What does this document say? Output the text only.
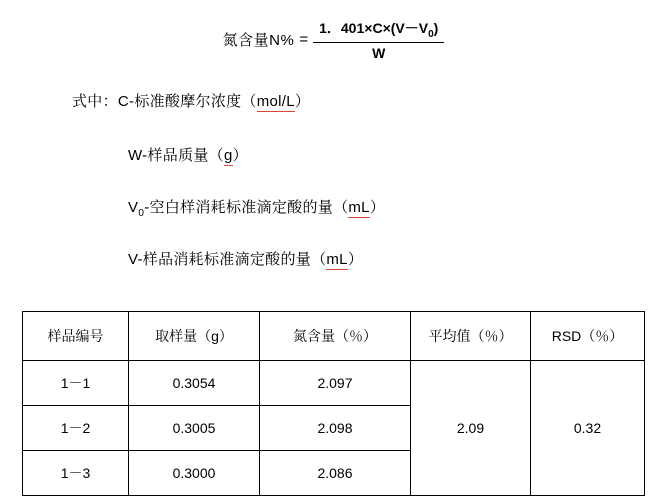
氮含量$N\% = \frac{1.401\times C\times(V-V_0)}{W}$
式中：C-标准酸摩尔浓度（mol/L）
W-样品质量（g）
$V_0-$空白样消耗标准滴定酸的量（mL）
V-样品消耗标准滴定酸的量（mL）
样品编号	取样量（g）	氮含量（％）	平均值（％）	RSD（％）
1－1	0.3054	2.097	2.09	0.32
1－2	0.3005	2.098		
1－3	0.3000	2.086		
